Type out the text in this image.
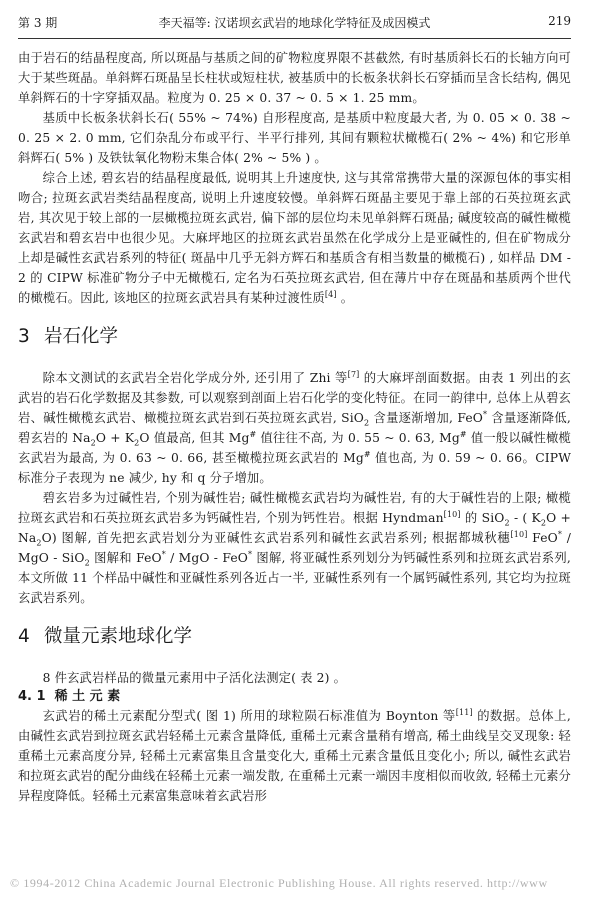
第 3 期	李天福等: 汉诺坝玄武岩的地球化学特征及成因模式	219

由于岩石的结晶程度高, 所以斑晶与基质之间的矿物粒度界限不甚截然, 有时基质斜长石的长轴方向可大于某些斑晶。单斜辉石斑晶呈长柱状或短柱状, 被基质中的长板条状斜长石穿插而呈含长结构, 偶见单斜辉石的十字穿插双晶。粒度为 0. 25 × 0. 37 ~ 0. 5 × 1. 25 mm。

基质中长板条状斜长石( 55% ~ 74%) 自形程度高, 是基质中粒度最大者, 为 0. 05 × 0. 38 ~ 0. 25 × 2. 0 mm, 它们杂乱分布或平行、半平行排列, 其间有颗粒状橄榄石( 2% ~ 4%) 和它形单斜辉石( 5% ) 及铁钛氧化物粉末集合体( 2% ~ 5% ) 。

综合上述, 碧玄岩的结晶程度最低, 说明其上升速度快, 这与其常常携带大量的深源包体的事实相吻合; 拉斑玄武岩类结晶程度高, 说明上升速度较慢。单斜辉石斑晶主要见于靠上部的石英拉斑玄武岩, 其次见于较上部的一层橄榄拉斑玄武岩, 偏下部的层位均未见单斜辉石斑晶; 碱度较高的碱性橄榄玄武岩和碧玄岩中也很少见。大麻坪地区的拉斑玄武岩虽然在化学成分上是亚碱性的, 但在矿物成分上却是碱性玄武岩系列的特征( 斑晶中几乎无斜方辉石和基质含有相当数量的橄榄石) , 如样品 DM - 2 的 CIPW 标准矿物分子中无橄榄石, 定名为石英拉斑玄武岩, 但在薄片中存在斑晶和基质两个世代的橄榄石。因此, 该地区的拉斑玄武岩具有某种过渡性质[4] 。

3 岩石化学

除本文测试的玄武岩全岩化学成分外, 还引用了 Zhi 等[7] 的大麻坪剖面数据。由表 1 列出的玄武岩的岩石化学数据及其参数, 可以观察到剖面上岩石化学的变化特征。在同一韵律中, 总体上从碧玄岩、碱性橄榄玄武岩、橄榄拉斑玄武岩到石英拉斑玄武岩, SiO$_2$ 含量逐渐增加, FeO* 含量逐渐降低, 碧玄岩的 $Na_2O + K_2O$ 值最高, 但其 Mg# 值往往不高, 为 0. 55 ~ 0. 63, Mg# 值一般以碱性橄榄玄武岩为最高, 为 0. 63 ~ 0. 66, 甚至橄榄拉斑玄武岩的 Mg# 值也高, 为 0. 59 ~ 0. 66。CIPW 标准分子表现为 ne 减少, hy 和 q 分子增加。

碧玄岩多为过碱性岩, 个别为碱性岩; 碱性橄榄玄武岩均为碱性岩, 有的大于碱性岩的上限; 橄榄拉斑玄武岩和石英拉斑玄武岩多为钙碱性岩, 个别为钙性岩。根据 Hyndman[10] 的 SiO$_2$ - ( $K_2O + Na_2O$) 图解, 首先把玄武岩划分为亚碱性玄武岩系列和碱性玄武岩系列; 根据都城秋穗[10] FeO* / MgO - SiO$_2$ 图解和 FeO* / MgO - FeO* 图解, 将亚碱性系列划分为钙碱性系列和拉斑玄武岩系列, 本文所做 11 个样品中碱性和亚碱性系列各近占一半, 亚碱性系列有一个属钙碱性系列, 其它均为拉斑玄武岩系列。

4 微量元素地球化学

8 件玄武岩样品的微量元素用中子活化法测定( 表 2) 。

4. 1 稀 土 元 素

玄武岩的稀土元素配分型式( 图 1) 所用的球粒陨石标准值为 Boynton 等[11] 的数据。总体上, 由碱性玄武岩到拉斑玄武岩轻稀土元素含量降低, 重稀土元素含量稍有增高, 稀土曲线呈交叉现象: 轻重稀土元素高度分异, 轻稀土元素富集且含量变化大, 重稀土元素含量低且变化小; 所以, 碱性玄武岩和拉斑玄武岩的配分曲线在轻稀土元素一端发散, 在重稀土元素一端因丰度相似而收敛, 轻稀土元素分异程度降低。轻稀土元素富集意味着玄武岩形

© 1994-2012 China Academic Journal Electronic Publishing House. All rights reserved. http://www
